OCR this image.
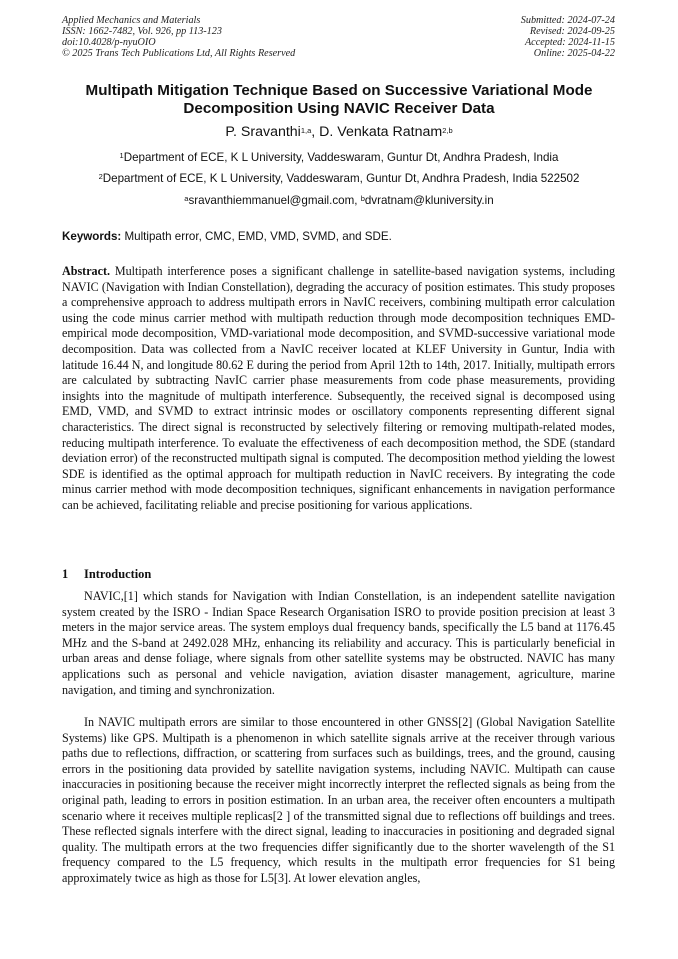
Applied Mechanics and Materials
ISSN: 1662-7482, Vol. 926, pp 113-123
doi:10.4028/p-nyuOIO
© 2025 Trans Tech Publications Ltd, All Rights Reserved
Submitted: 2024-07-24
Revised: 2024-09-25
Accepted: 2024-11-15
Online: 2025-04-22
Multipath Mitigation Technique Based on Successive Variational Mode Decomposition Using NAVIC Receiver Data
P. Sravanthi$^{1,a}$, D. Venkata Ratnam$^{2,b}$
$^1$Department of ECE, K L University, Vaddeswaram, Guntur Dt, Andhra Pradesh, India
$^2$Department of ECE, K L University, Vaddeswaram, Guntur Dt, Andhra Pradesh, India 522502
$^a$sravanthiemmanuel@gmail.com, $^b$dvratnam@kluniversity.in
Keywords: Multipath error, CMC, EMD, VMD, SVMD, and SDE.
Abstract. Multipath interference poses a significant challenge in satellite-based navigation systems, including NAVIC (Navigation with Indian Constellation), degrading the accuracy of position estimates. This study proposes a comprehensive approach to address multipath errors in NavIC receivers, combining multipath error calculation using the code minus carrier method with multipath reduction through mode decomposition techniques EMD- empirical mode decomposition, VMD-variational mode decomposition, and SVMD-successive variational mode decomposition. Data was collected from a NavIC receiver located at KLEF University in Guntur, India with latitude 16.44 N, and longitude 80.62 E during the period from April 12th to 14th, 2017. Initially, multipath errors are calculated by subtracting NavIC carrier phase measurements from code phase measurements, providing insights into the magnitude of multipath interference. Subsequently, the received signal is decomposed using EMD, VMD, and SVMD to extract intrinsic modes or oscillatory components representing different signal characteristics. The direct signal is reconstructed by selectively filtering or removing multipath-related modes, reducing multipath interference. To evaluate the effectiveness of each decomposition method, the SDE (standard deviation error) of the reconstructed multipath signal is computed. The decomposition method yielding the lowest SDE is identified as the optimal approach for multipath reduction in NavIC receivers. By integrating the code minus carrier method with mode decomposition techniques, significant enhancements in navigation performance can be achieved, facilitating reliable and precise positioning for various applications.
1 Introduction
NAVIC,[1] which stands for Navigation with Indian Constellation, is an independent satellite navigation system created by the ISRO - Indian Space Research Organisation ISRO to provide position precision at least 3 meters in the major service areas. The system employs dual frequency bands, specifically the L5 band at 1176.45 MHz and the S-band at 2492.028 MHz, enhancing its reliability and accuracy. This is particularly beneficial in urban areas and dense foliage, where signals from other satellite systems may be obstructed. NAVIC has many applications such as personal and vehicle navigation, aviation disaster management, agriculture, marine navigation, and timing and synchronization.
In NAVIC multipath errors are similar to those encountered in other GNSS[2] (Global Navigation Satellite Systems) like GPS. Multipath is a phenomenon in which satellite signals arrive at the receiver through various paths due to reflections, diffraction, or scattering from surfaces such as buildings, trees, and the ground, causing errors in the positioning data provided by satellite navigation systems, including NAVIC. Multipath can cause inaccuracies in positioning because the receiver might incorrectly interpret the reflected signals as being from the original path, leading to errors in position estimation. In an urban area, the receiver often encounters a multipath scenario where it receives multiple replicas[2 ] of the transmitted signal due to reflections off buildings and trees. These reflected signals interfere with the direct signal, leading to inaccuracies in positioning and degraded signal quality. The multipath errors at the two frequencies differ significantly due to the shorter wavelength of the S1 frequency compared to the L5 frequency, which results in the multipath error frequencies for S1 being approximately twice as high as those for L5[3]. At lower elevation angles,
